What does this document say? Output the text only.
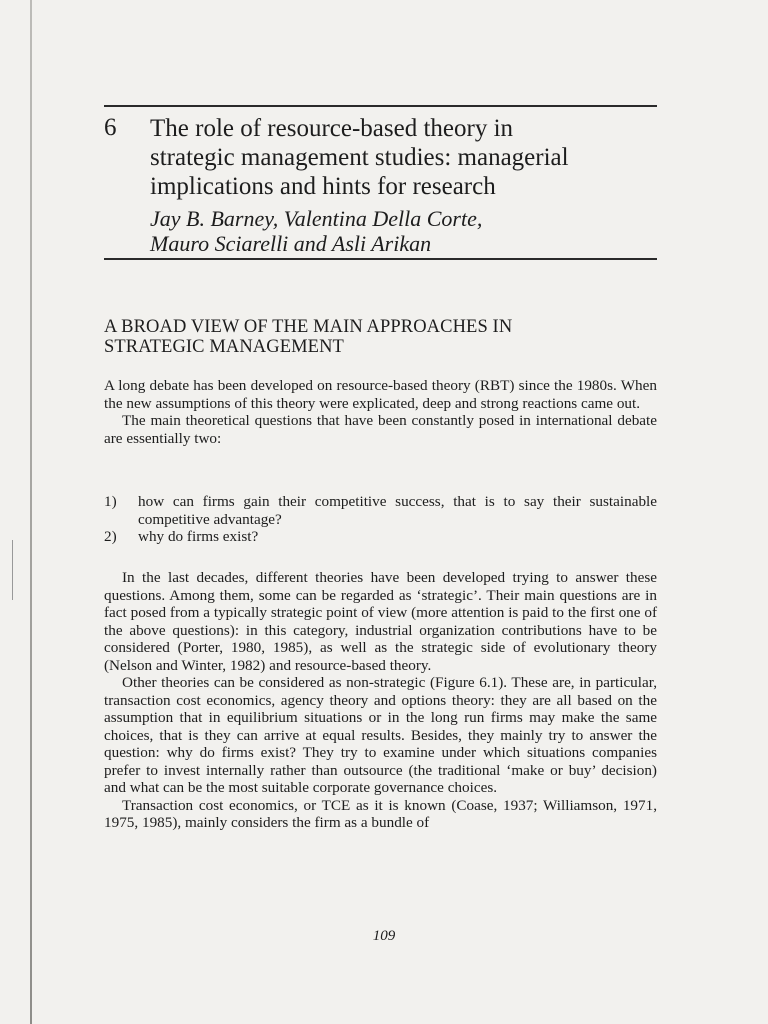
6 The role of resource-based theory in
strategic management studies: managerial
implications and hints for research
Jay B. Barney, Valentina Della Corte,
Mauro Sciarelli and Asli Arikan
A BROAD VIEW OF THE MAIN APPROACHES IN
STRATEGIC MANAGEMENT

A long debate has been developed on resource-based theory (RBT) since the 1980s. When the new assumptions of this theory were explicated, deep and strong reactions came out.

The main theoretical questions that have been constantly posed in international debate are essentially two:

1)	how can firms gain their competitive success, that is to say their sustainable competitive advantage?
2)	why do firms exist?

In the last decades, different theories have been developed trying to answer these questions. Among them, some can be regarded as ‘strategic’. Their main questions are in fact posed from a typically strategic point of view (more attention is paid to the first one of the above questions): in this category, industrial organization contributions have to be considered (Porter, 1980, 1985), as well as the strategic side of evolutionary theory (Nelson and Winter, 1982) and resource-based theory.

Other theories can be considered as non-strategic (Figure 6.1). These are, in particular, transaction cost economics, agency theory and options theory: they are all based on the assumption that in equilibrium situations or in the long run firms may make the same choices, that is they can arrive at equal results. Besides, they mainly try to answer the question: why do firms exist? They try to examine under which situations companies prefer to invest internally rather than outsource (the traditional ‘make or buy’ decision) and what can be the most suitable corporate governance choices.

Transaction cost economics, or TCE as it is known (Coase, 1937; Williamson, 1971, 1975, 1985), mainly considers the firm as a bundle of

109
